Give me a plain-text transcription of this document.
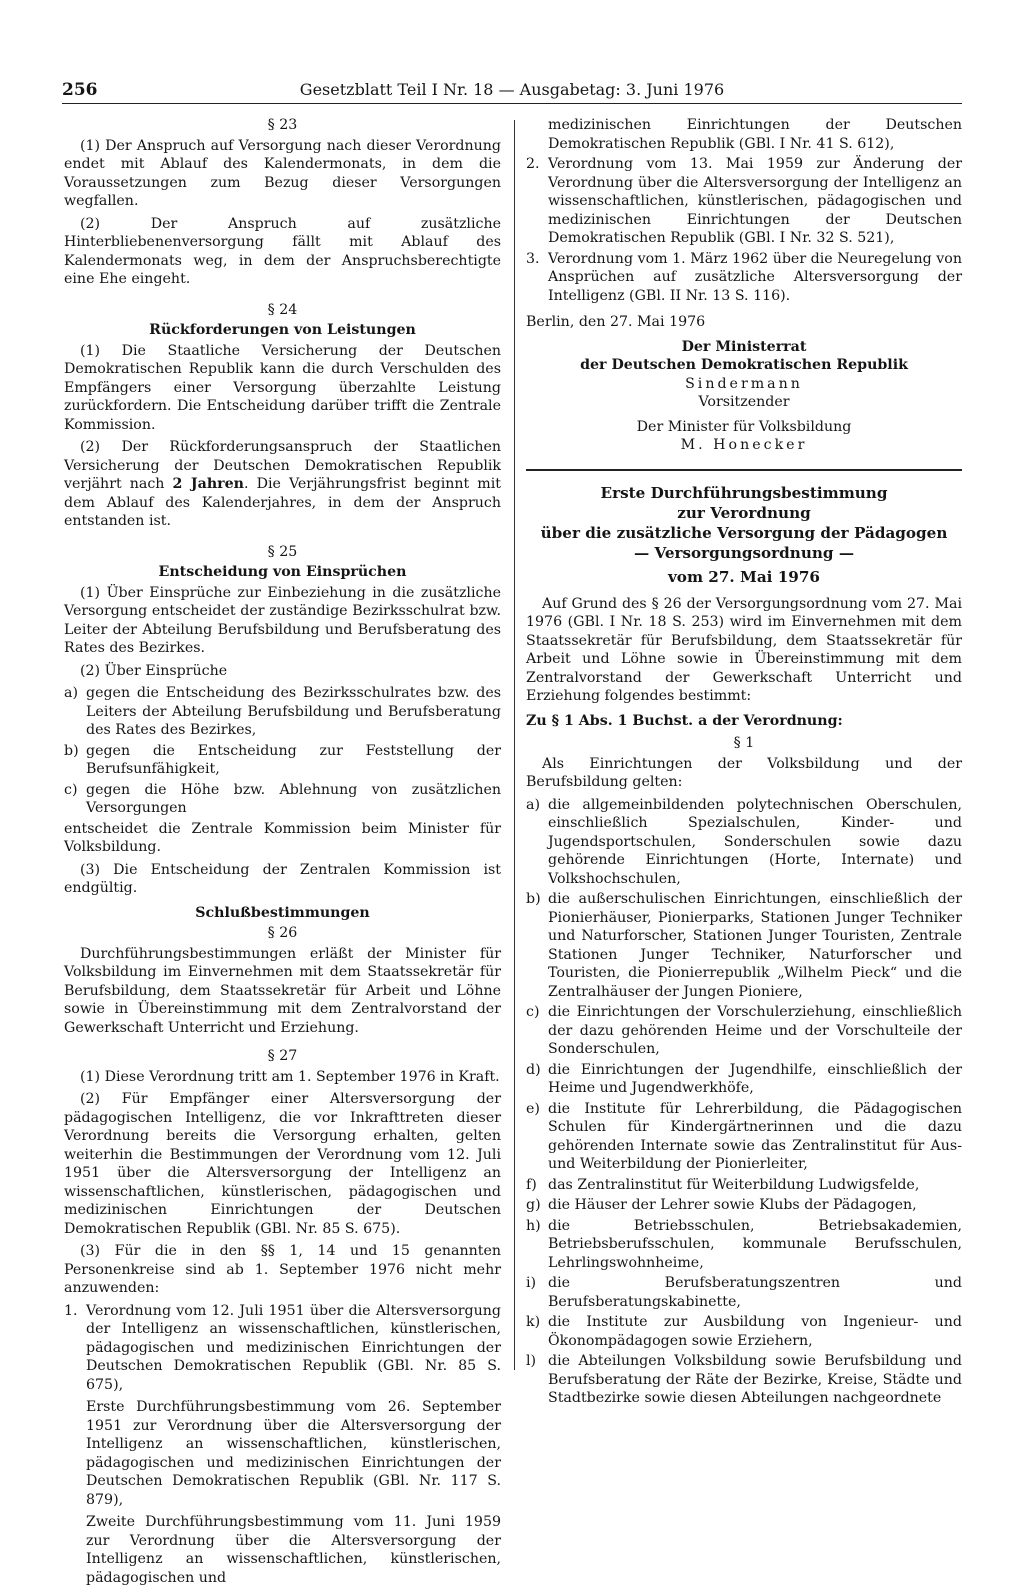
256	Gesetzblatt Teil I Nr. 18 — Ausgabetag: 3. Juni 1976

§ 23

(1) Der Anspruch auf Versorgung nach dieser Verordnung endet mit Ablauf des Kalendermonats, in dem die Voraussetzungen zum Bezug dieser Versorgungen wegfallen.

(2) Der Anspruch auf zusätzliche Hinterbliebenenversorgung fällt mit Ablauf des Kalendermonats weg, in dem der Anspruchsberechtigte eine Ehe eingeht.

§ 24

Rückforderungen von Leistungen

(1) Die Staatliche Versicherung der Deutschen Demokratischen Republik kann die durch Verschulden des Empfängers einer Versorgung überzahlte Leistung zurückfordern. Die Entscheidung darüber trifft die Zentrale Kommission.

(2) Der Rückforderungsanspruch der Staatlichen Versicherung der Deutschen Demokratischen Republik verjährt nach 2 Jahren. Die Verjährungsfrist beginnt mit dem Ablauf des Kalenderjahres, in dem der Anspruch entstanden ist.

§ 25

Entscheidung von Einsprüchen

(1) Über Einsprüche zur Einbeziehung in die zusätzliche Versorgung entscheidet der zuständige Bezirksschulrat bzw. Leiter der Abteilung Berufsbildung und Berufsberatung des Rates des Bezirkes.

(2) Über Einsprüche

a) gegen die Entscheidung des Bezirksschulrates bzw. des Leiters der Abteilung Berufsbildung und Berufsberatung des Rates des Bezirkes,
b) gegen die Entscheidung zur Feststellung der Berufsunfähigkeit,
c) gegen die Höhe bzw. Ablehnung von zusätzlichen Versorgungen

entscheidet die Zentrale Kommission beim Minister für Volksbildung.

(3) Die Entscheidung der Zentralen Kommission ist endgültig.

Schlußbestimmungen

§ 26

Durchführungsbestimmungen erläßt der Minister für Volksbildung im Einvernehmen mit dem Staatssekretär für Berufsbildung, dem Staatssekretär für Arbeit und Löhne sowie in Übereinstimmung mit dem Zentralvorstand der Gewerkschaft Unterricht und Erziehung.

§ 27

(1) Diese Verordnung tritt am 1. September 1976 in Kraft.

(2) Für Empfänger einer Altersversorgung der pädagogischen Intelligenz, die vor Inkrafttreten dieser Verordnung bereits die Versorgung erhalten, gelten weiterhin die Bestimmungen der Verordnung vom 12. Juli 1951 über die Altersversorgung der Intelligenz an wissenschaftlichen, künstlerischen, pädagogischen und medizinischen Einrichtungen der Deutschen Demokratischen Republik (GBl. Nr. 85 S. 675).

(3) Für die in den §§ 1, 14 und 15 genannten Personenkreise sind ab 1. September 1976 nicht mehr anzuwenden:

1. Verordnung vom 12. Juli 1951 über die Altersversorgung der Intelligenz an wissenschaftlichen, künstlerischen, pädagogischen und medizinischen Einrichtungen der Deutschen Demokratischen Republik (GBl. Nr. 85 S. 675),

Erste Durchführungsbestimmung vom 26. September 1951 zur Verordnung über die Altersversorgung der Intelligenz an wissenschaftlichen, künstlerischen, pädagogischen und medizinischen Einrichtungen der Deutschen Demokratischen Republik (GBl. Nr. 117 S. 879),

Zweite Durchführungsbestimmung vom 11. Juni 1959 zur Verordnung über die Altersversorgung der Intelligenz an wissenschaftlichen, künstlerischen, pädagogischen und

medizinischen Einrichtungen der Deutschen Demokratischen Republik (GBl. I Nr. 41 S. 612),
2. Verordnung vom 13. Mai 1959 zur Änderung der Verordnung über die Altersversorgung der Intelligenz an wissenschaftlichen, künstlerischen, pädagogischen und medizinischen Einrichtungen der Deutschen Demokratischen Republik (GBl. I Nr. 32 S. 521),
3. Verordnung vom 1. März 1962 über die Neuregelung von Ansprüchen auf zusätzliche Altersversorgung der Intelligenz (GBl. II Nr. 13 S. 116).

Berlin, den 27. Mai 1976

Der Ministerrat

der Deutschen Demokratischen Republik

Sindermann

Vorsitzender

Der Minister für Volksbildung

M. Honecker

Erste Durchführungsbestimmung

zur Verordnung

über die zusätzliche Versorgung der Pädagogen

— Versorgungsordnung —

vom 27. Mai 1976

Auf Grund des § 26 der Versorgungsordnung vom 27. Mai 1976 (GBl. I Nr. 18 S. 253) wird im Einvernehmen mit dem Staatssekretär für Berufsbildung, dem Staatssekretär für Arbeit und Löhne sowie in Übereinstimmung mit dem Zentralvorstand der Gewerkschaft Unterricht und Erziehung folgendes bestimmt:

Zu § 1 Abs. 1 Buchst. a der Verordnung:

§ 1

Als Einrichtungen der Volksbildung und der Berufsbildung gelten:

a) die allgemeinbildenden polytechnischen Oberschulen, einschließlich Spezialschulen, Kinder- und Jugendsportschulen, Sonderschulen sowie dazu gehörende Einrichtungen (Horte, Internate) und Volkshochschulen,
b) die außerschulischen Einrichtungen, einschließlich der Pionierhäuser, Pionierparks, Stationen Junger Techniker und Naturforscher, Stationen Junger Touristen, Zentrale Stationen Junger Techniker, Naturforscher und Touristen, die Pionierrepublik „Wilhelm Pieck“ und die Zentralhäuser der Jungen Pioniere,
c) die Einrichtungen der Vorschulerziehung, einschließlich der dazu gehörenden Heime und der Vorschulteile der Sonderschulen,
d) die Einrichtungen der Jugendhilfe, einschließlich der Heime und Jugendwerkhöfe,
e) die Institute für Lehrerbildung, die Pädagogischen Schulen für Kindergärtnerinnen und die dazu gehörenden Internate sowie das Zentralinstitut für Aus- und Weiterbildung der Pionierleiter,
f) das Zentralinstitut für Weiterbildung Ludwigsfelde,
g) die Häuser der Lehrer sowie Klubs der Pädagogen,
h) die Betriebsschulen, Betriebsakademien, Betriebsberufsschulen, kommunale Berufsschulen, Lehrlingswohnheime,
i) die Berufsberatungszentren und Berufsberatungskabinette,
k) die Institute zur Ausbildung von Ingenieur- und Ökonompädagogen sowie Erziehern,
l) die Abteilungen Volksbildung sowie Berufsbildung und Berufsberatung der Räte der Bezirke, Kreise, Städte und Stadtbezirke sowie diesen Abteilungen nachgeordnete
